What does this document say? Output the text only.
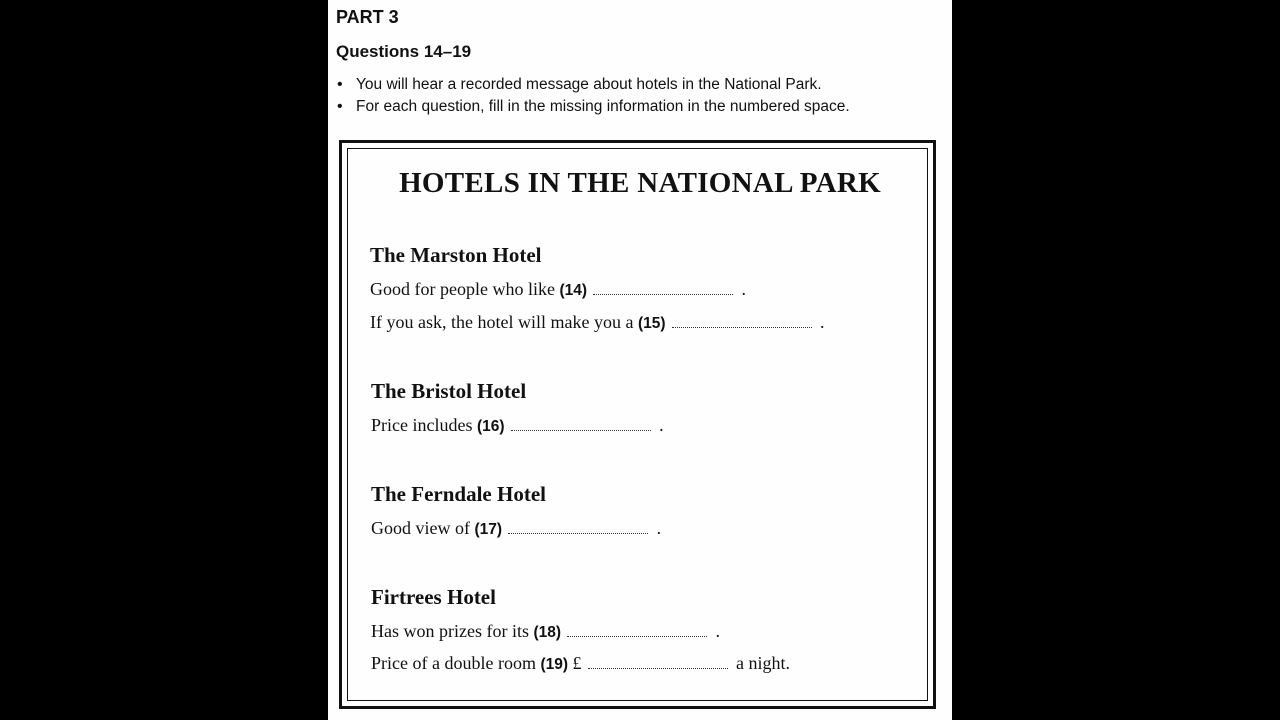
PART 3
Questions 14–19
• You will hear a recorded message about hotels in the National Park.
• For each question, fill in the missing information in the numbered space.
HOTELS IN THE NATIONAL PARK
The Marston Hotel
Good for people who like (14)	.
If you ask, the hotel will make you a (15)	.
The Bristol Hotel
Price includes (16)	.
The Ferndale Hotel
Good view of (17)	.
Firtrees Hotel
Has won prizes for its (18)	.
Price of a double room (19) £	a night.
